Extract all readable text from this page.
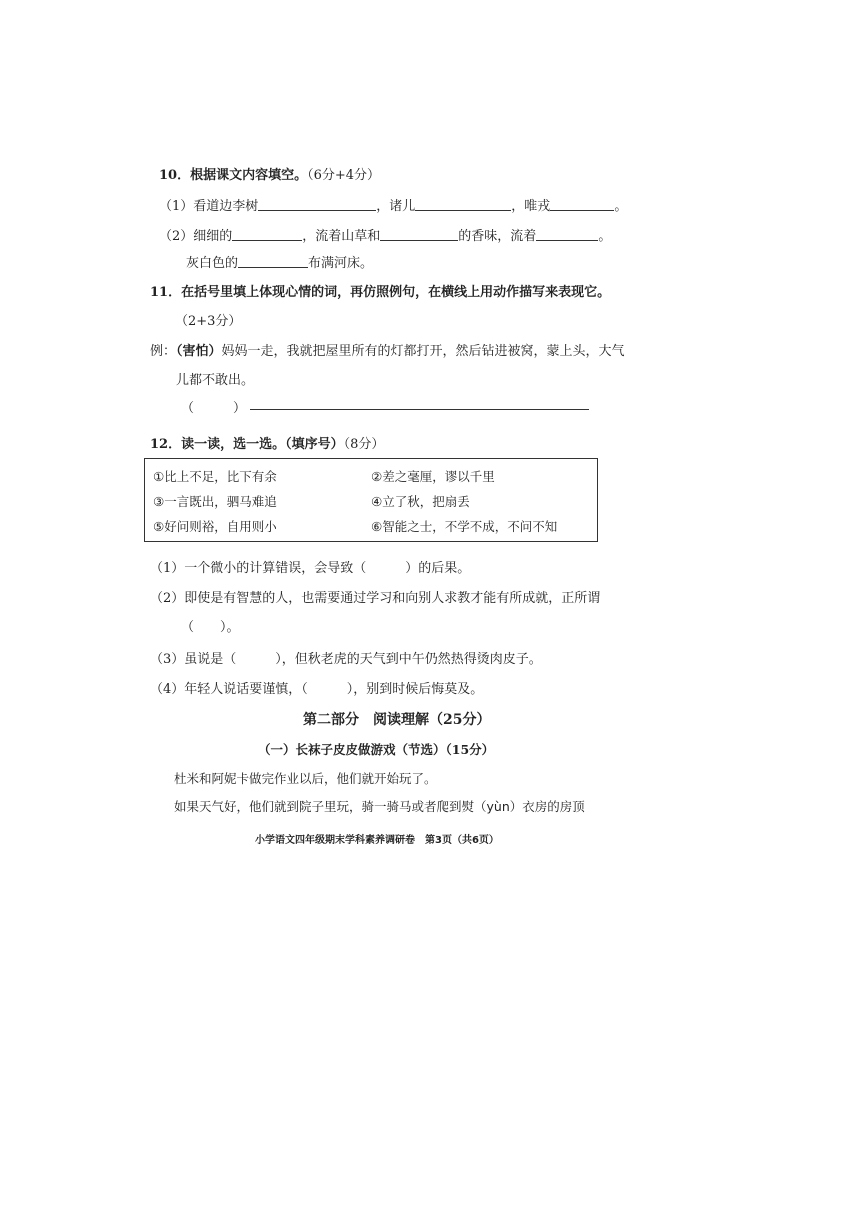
10．根据课文内容填空。（6分+4分）
（1）看道边李树	，诸儿	，唯戎	。
（2）细细的	，流着山草和	的香味，流着	。
灰白色的	布满河床。
11．在括号里填上体现心情的词，再仿照例句，在横线上用动作描写来表现它。
（2+3分）
例：（害怕）妈妈一走，我就把屋里所有的灯都打开，然后钻进被窝，蒙上头，大气
儿都不敢出。
（　　　）
12．读一读，选一选。（填序号）（8分）
①比上不足，比下有余	②差之毫厘，谬以千里
③一言既出，驷马难追	④立了秋，把扇丢
⑤好问则裕，自用则小	⑥智能之士，不学不成，不问不知
（1）一个微小的计算错误，会导致（　　　）的后果。
（2）即使是有智慧的人，也需要通过学习和向别人求教才能有所成就，正所谓
（　　）。
（3）虽说是（　　　），但秋老虎的天气到中午仍然热得烫肉皮子。
（4）年轻人说话要谨慎，（　　　），别到时候后悔莫及。
第二部分　阅读理解（25分）
（一）长袜子皮皮做游戏（节选）（15分）
杜米和阿妮卡做完作业以后，他们就开始玩了。
如果天气好，他们就到院子里玩，骑一骑马或者爬到熨（yùn）衣房的房顶
小学语文四年级期末学科素养调研卷　第3页（共6页）
